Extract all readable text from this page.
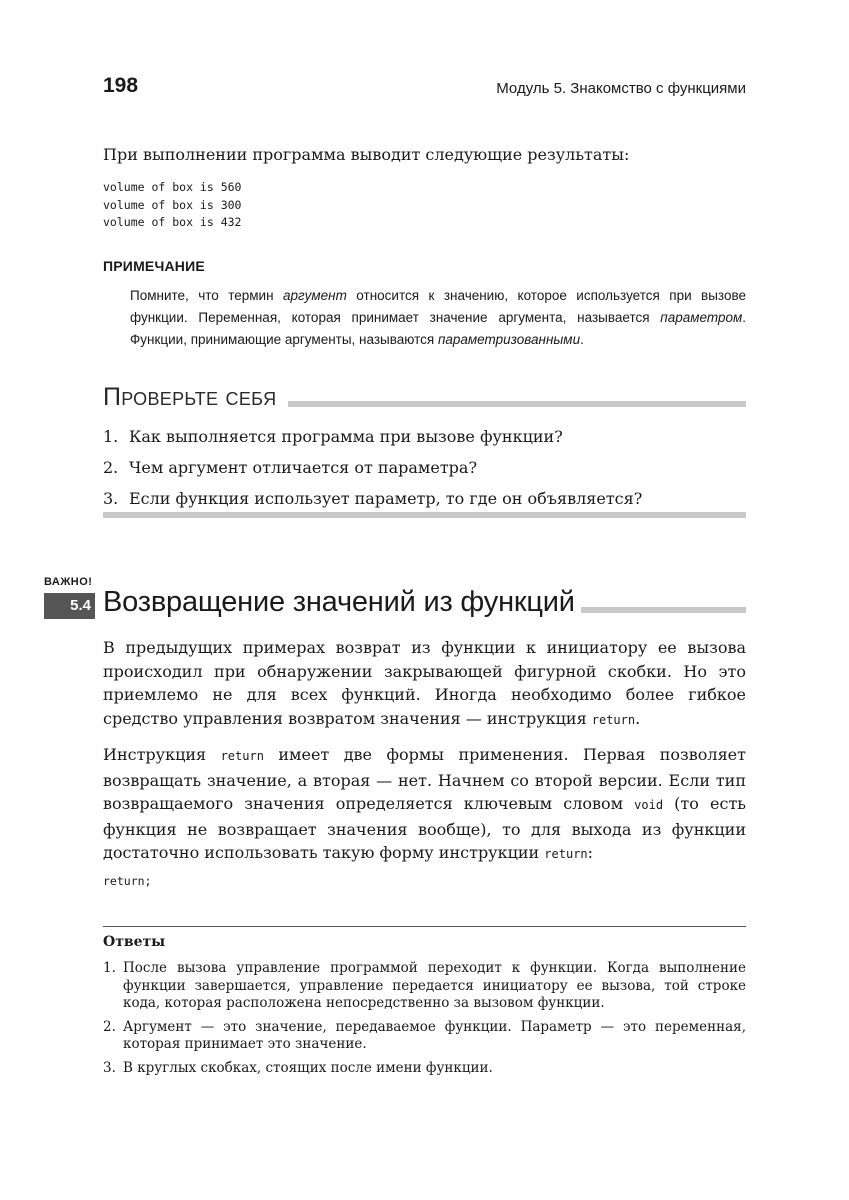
198	Модуль 5. Знакомство с функциями

При выполнении программа выводит следующие результаты:

volume of box is 560
volume of box is 300
volume of box is 432
ПРИМЕЧАНИЕ

Помните, что термин аргумент относится к значению, которое используется при вызове функции. Переменная, которая принимает значение аргумента, называется параметром. Функции, принимающие аргументы, называются параметризованными.

Проверьте себя
1. Как выполняется программа при вызове функции?
2. Чем аргумент отличается от параметра?
3. Если функция использует параметр, то где он объявляется?
ВАЖНО!
5.4 Возвращение значений из функций

В предыдущих примерах возврат из функции к инициатору ее вызова происходил при обнаружении закрывающей фигурной скобки. Но это приемлемо не для всех функций. Иногда необходимо более гибкое средство управления возвратом значения — инструкция return.

Инструкция return имеет две формы применения. Первая позволяет возвращать значение, а вторая — нет. Начнем со второй версии. Если тип возвращаемого значения определяется ключевым словом void (то есть функция не возвращает значения вообще), то для выхода из функции достаточно использовать такую форму инструкции return:

return;
Ответы
1. После вызова управление программой переходит к функции. Когда выполнение функции завершается, управление передается инициатору ее вызова, той строке кода, которая расположена непосредственно за вызовом функции.
2. Аргумент — это значение, передаваемое функции. Параметр — это переменная, которая принимает это значение.
3. В круглых скобках, стоящих после имени функции.
